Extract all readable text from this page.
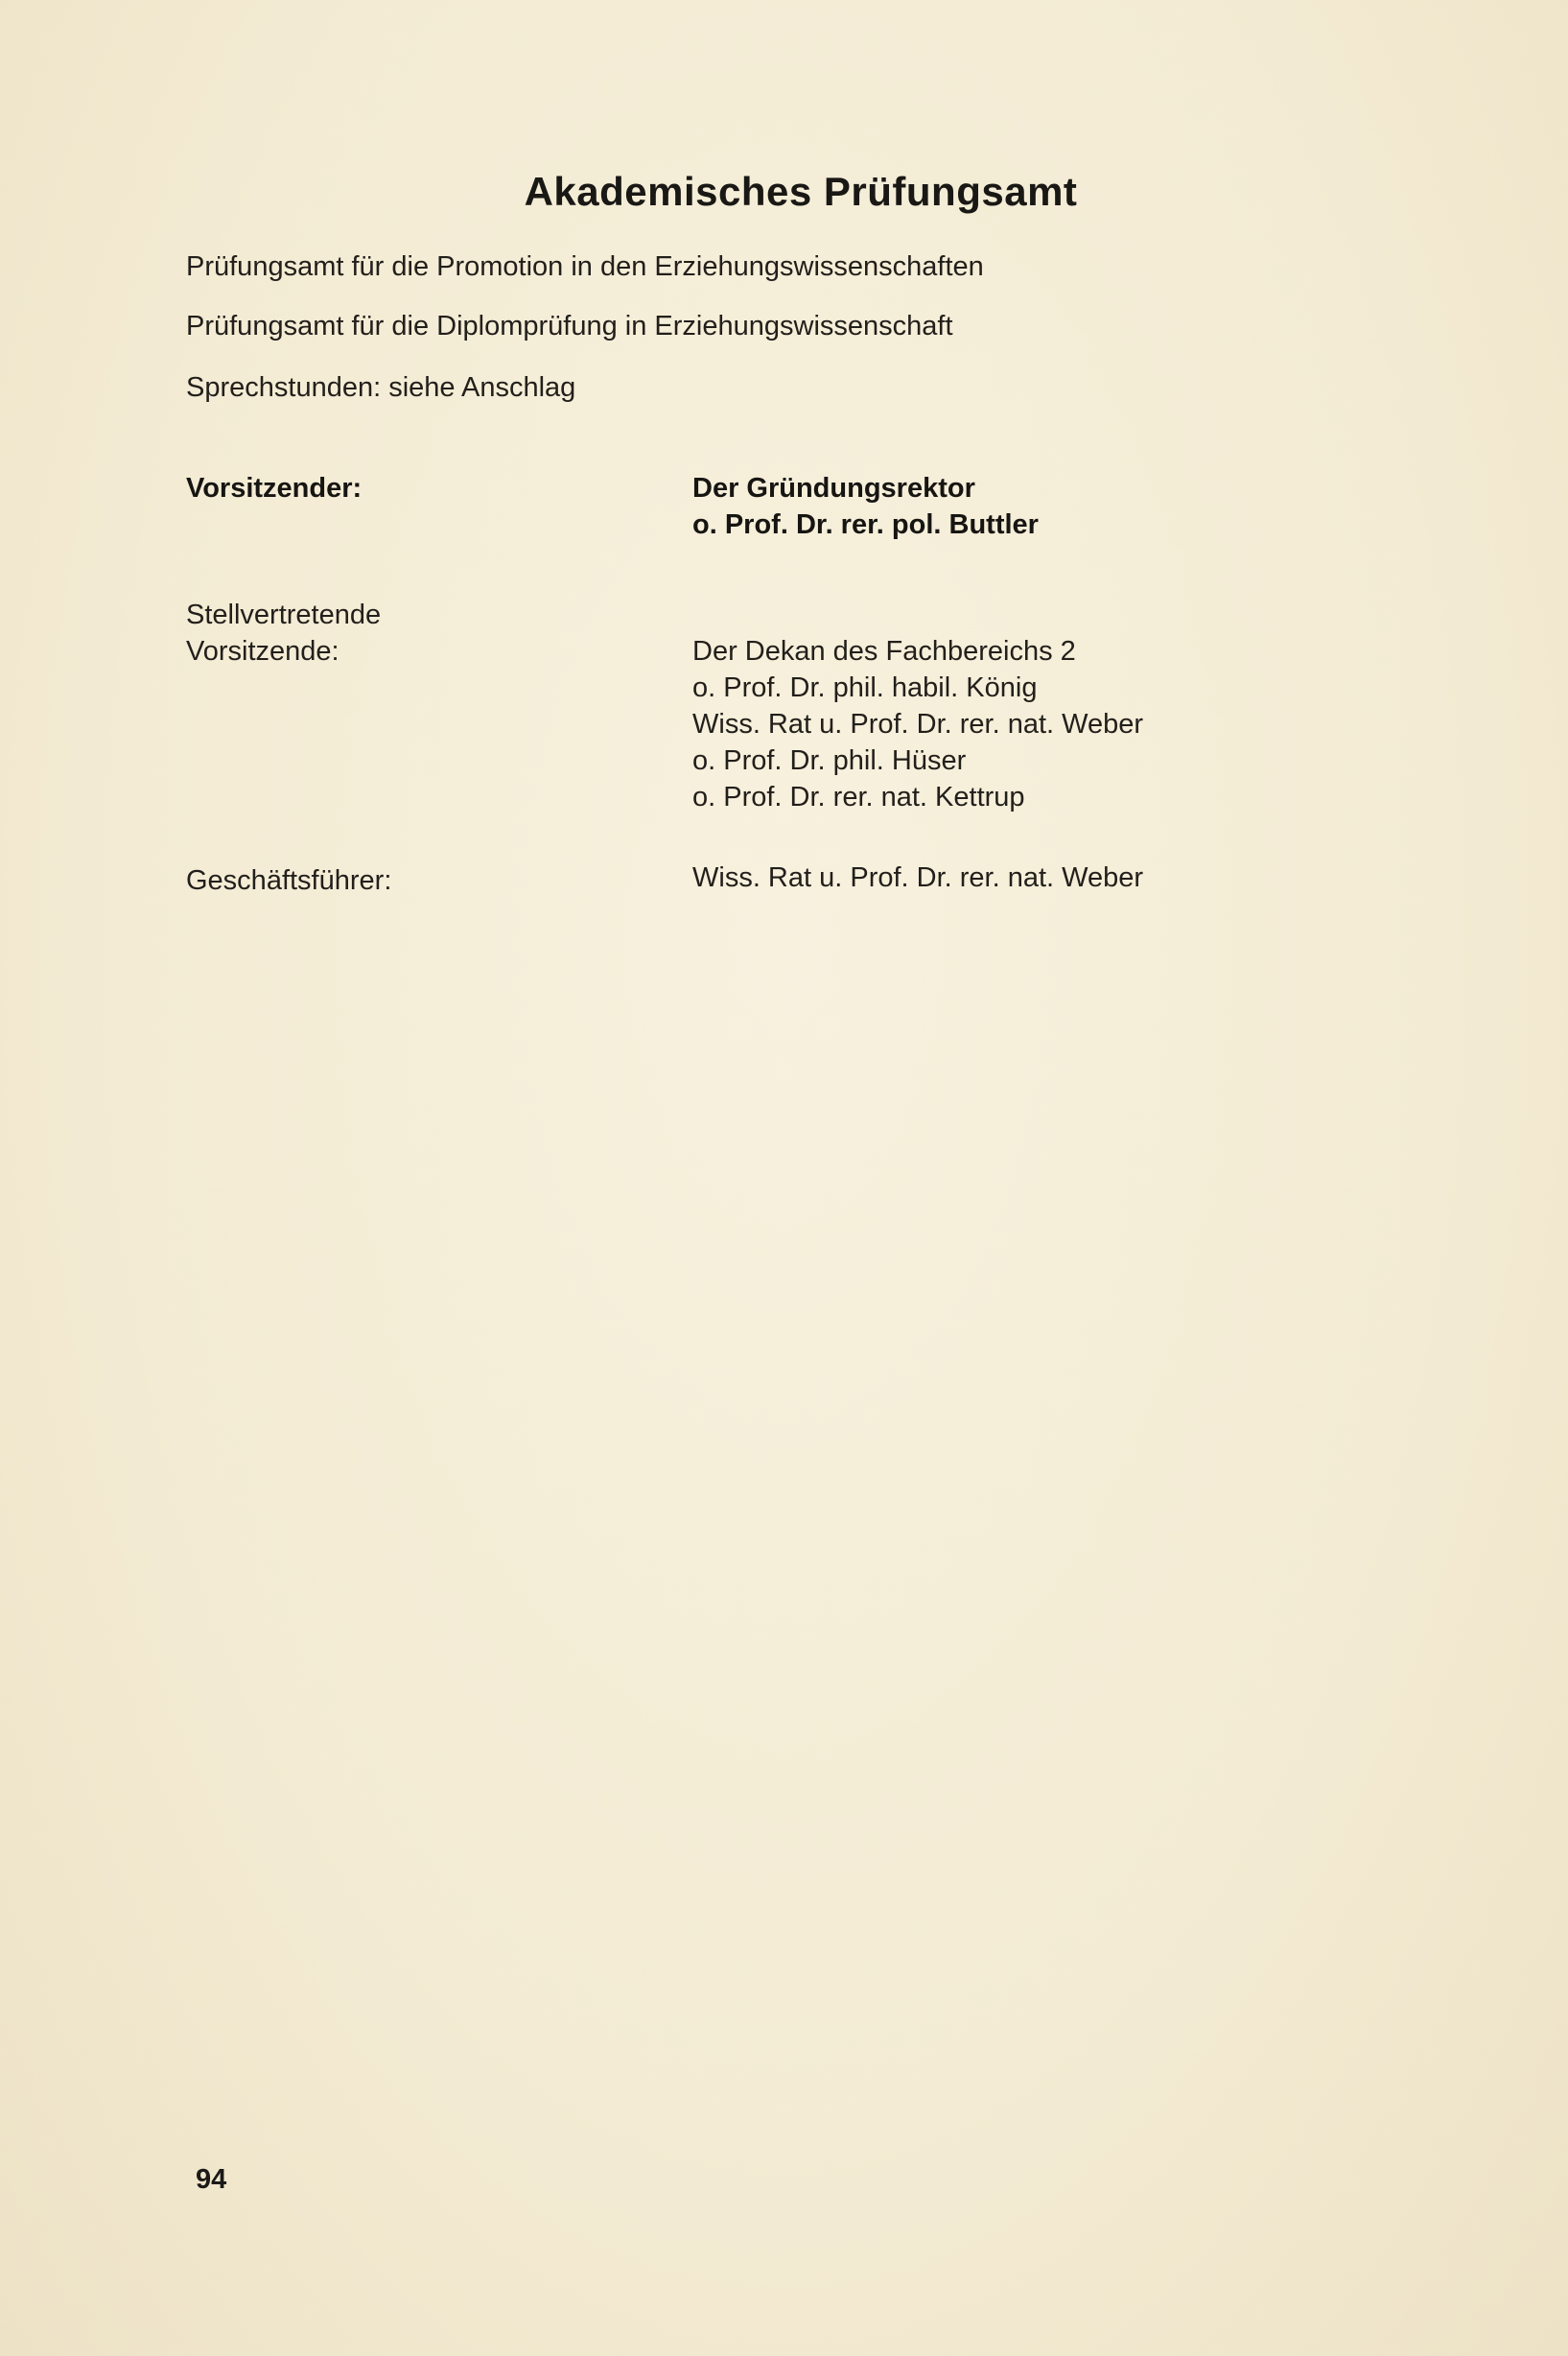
Akademisches Prüfungsamt
Prüfungsamt für die Promotion in den Erziehungswissenschaften
Prüfungsamt für die Diplomprüfung in Erziehungswissenschaft
Sprechstunden: siehe Anschlag
Vorsitzender:	Der Gründungsrektor
o. Prof. Dr. rer. pol. Buttler
Stellvertretende
Vorsitzende:	Der Dekan des Fachbereichs 2
o. Prof. Dr. phil. habil. König
Wiss. Rat u. Prof. Dr. rer. nat. Weber
o. Prof. Dr. phil. Hüser
o. Prof. Dr. rer. nat. Kettrup
Geschäftsführer:	Wiss. Rat u. Prof. Dr. rer. nat. Weber
94
